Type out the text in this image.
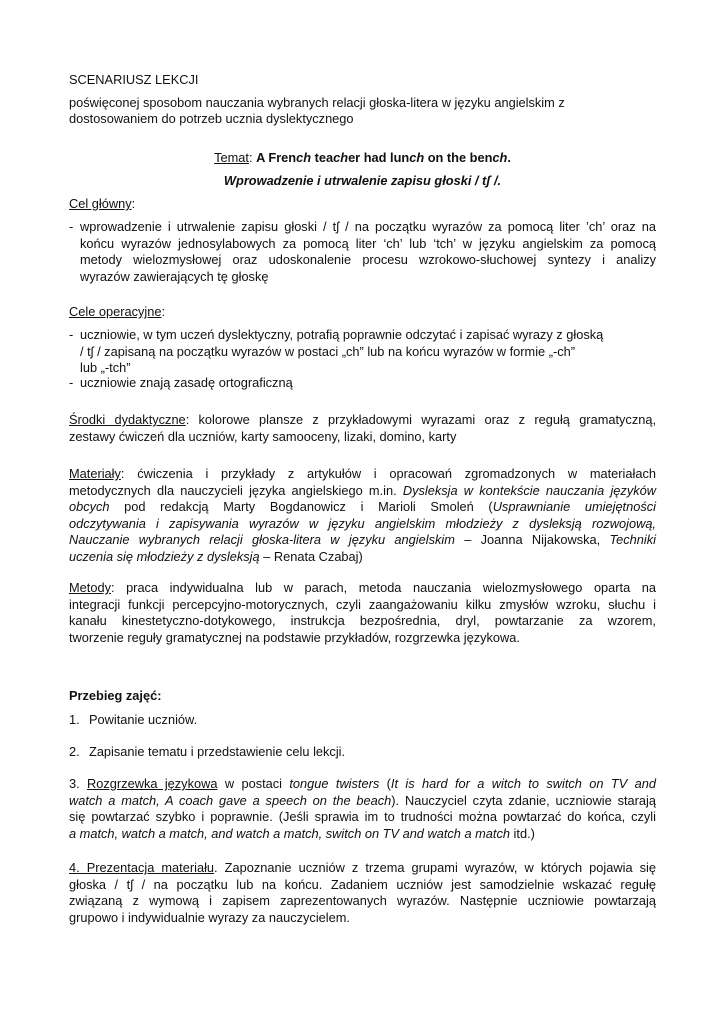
SCENARIUSZ LEKCJI
poświęconej sposobom nauczania wybranych relacji głoska-litera w języku angielskim z
dostosowaniem do potrzeb ucznia dyslektycznego
Temat: A French teacher had lunch on the bench.
Wprowadzenie i utrwalenie zapisu głoski / tʃ /.
Cel główny:
- wprowadzenie i utrwalenie zapisu głoski / tʃ / na początku wyrazów za pomocą liter ’ch’ oraz na
końcu wyrazów jednosylabowych za pomocą liter ‘ch’ lub ‘tch’ w języku angielskim za pomocą
metody wielozmysłowej oraz udoskonalenie procesu wzrokowo-słuchowej syntezy i analizy
wyrazów zawierających tę głoskę
Cele operacyjne:
- uczniowie, w tym uczeń dyslektyczny, potrafią poprawnie odczytać i zapisać wyrazy z głoską
/ tʃ / zapisaną na początku wyrazów w postaci „ch” lub na końcu wyrazów w formie „-ch”
lub „-tch”
- uczniowie znają zasadę ortograficzną
Środki dydaktyczne: kolorowe plansze z przykładowymi wyrazami oraz z regułą gramatyczną,
zestawy ćwiczeń dla uczniów, karty samooceny, lizaki, domino, karty
Materiały: ćwiczenia i przykłady z artykułów i opracowań zgromadzonych w materiałach
metodycznych dla nauczycieli języka angielskiego m.in. Dysleksja w kontekście nauczania języków
obcych pod redakcją Marty Bogdanowicz i Marioli Smoleń (Usprawnianie umiejętności
odczytywania i zapisywania wyrazów w języku angielskim młodzieży z dysleksją rozwojową,
Nauczanie wybranych relacji głoska-litera w języku angielskim – Joanna Nijakowska, Techniki
uczenia się młodzieży z dysleksją – Renata Czabaj)
Metody: praca indywidualna lub w parach, metoda nauczania wielozmysłowego oparta na
integracji funkcji percepcyjno-motorycznych, czyli zaangażowaniu kilku zmysłów wzroku, słuchu i
kanału kinestetyczno-dotykowego, instrukcja bezpośrednia, dryl, powtarzanie za wzorem,
tworzenie reguły gramatycznej na podstawie przykładów, rozgrzewka językowa.
Przebieg zajęć:
1. Powitanie uczniów.
2. Zapisanie tematu i przedstawienie celu lekcji.
3. Rozgrzewka językowa w postaci tongue twisters (It is hard for a witch to switch on TV and
watch a match, A coach gave a speech on the beach). Nauczyciel czyta zdanie, uczniowie starają
się powtarzać szybko i poprawnie. (Jeśli sprawia im to trudności można powtarzać do końca, czyli
a match, watch a match, and watch a match, switch on TV and watch a match itd.)
4. Prezentacja materiału. Zapoznanie uczniów z trzema grupami wyrazów, w których pojawia się
głoska / tʃ / na początku lub na końcu. Zadaniem uczniów jest samodzielnie wskazać regułę
związaną z wymową i zapisem zaprezentowanych wyrazów. Następnie uczniowie powtarzają
grupowo i indywidualnie wyrazy za nauczycielem.
